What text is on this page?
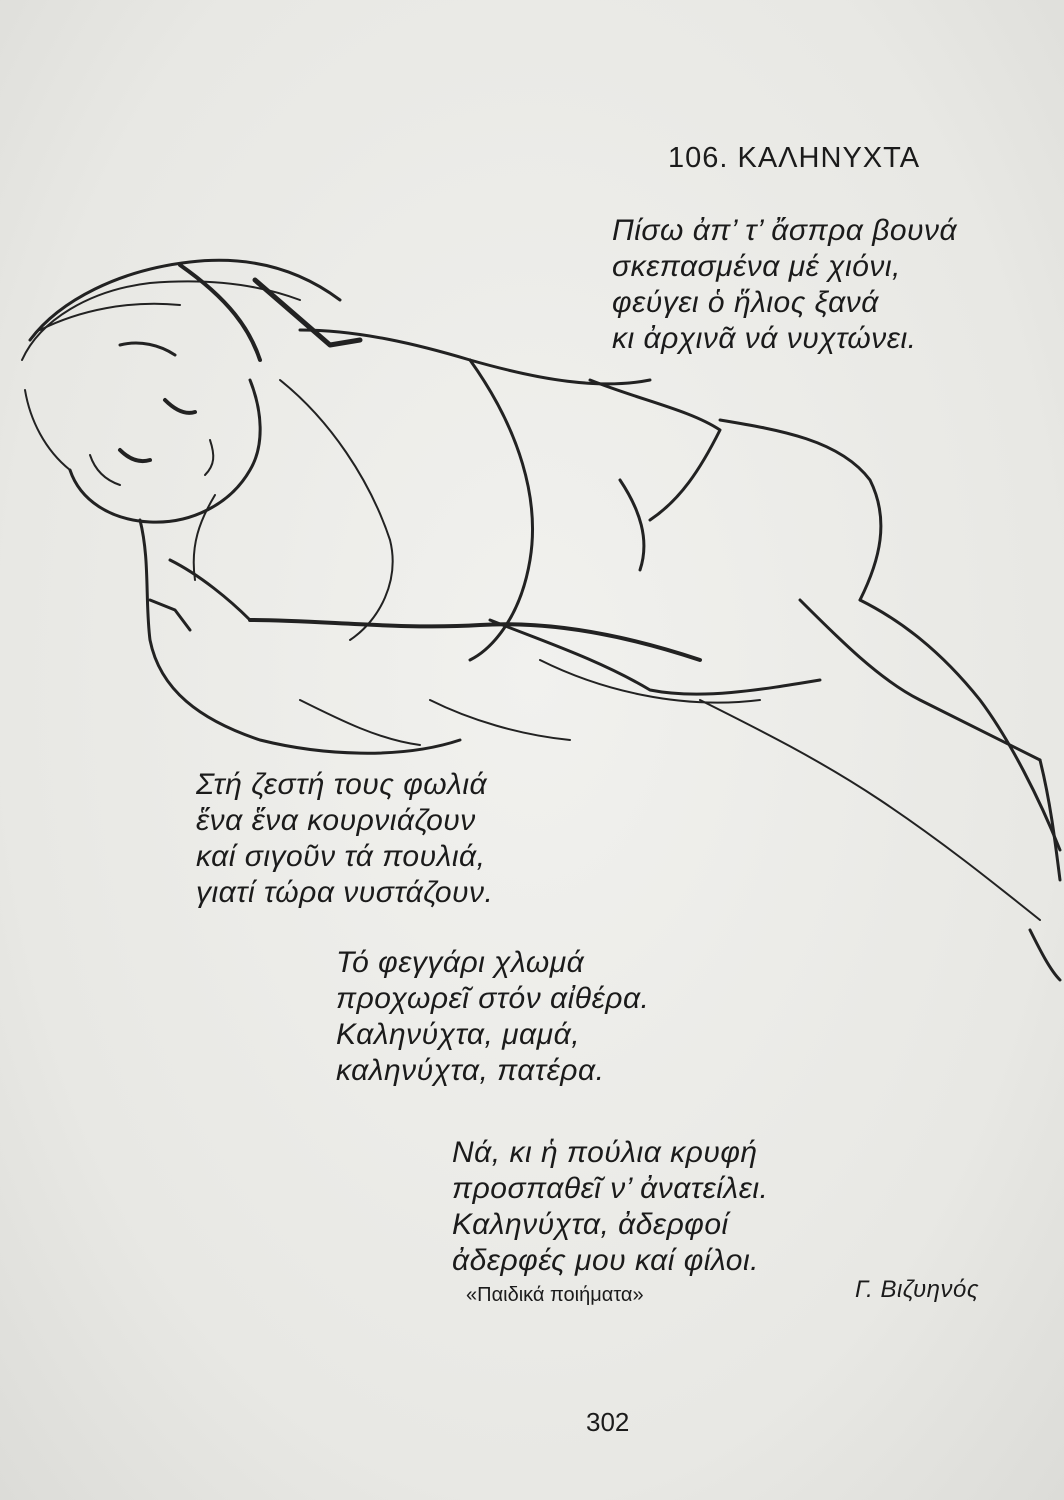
106. ΚΑΛΗΝΥΧΤΑ
Πίσω ἀπ’ τ’ ἄσπρα βουνά
σκεπασμένα μέ χιόνι,
φεύγει ὁ ἥλιος ξανά
κι ἀρχινᾶ νά νυχτώνει.
Στή ζεστή τους φωλιά
ἕνα ἕνα κουρνιάζουν
καί σιγοῦν τά πουλιά,
γιατί τώρα νυστάζουν.
Τό φεγγάρι χλωμά
προχωρεῖ στόν αἰθέρα.
Καληνύχτα, μαμά,
καληνύχτα, πατέρα.
Νά, κι ἡ πούλια κρυφή
προσπαθεῖ ν’ ἀνατείλει.
Καληνύχτα, ἀδερφοί
ἀδερφές μου καί φίλοι.
«Παιδικά ποιήματα»	Γ. Βιζυηνός
302
